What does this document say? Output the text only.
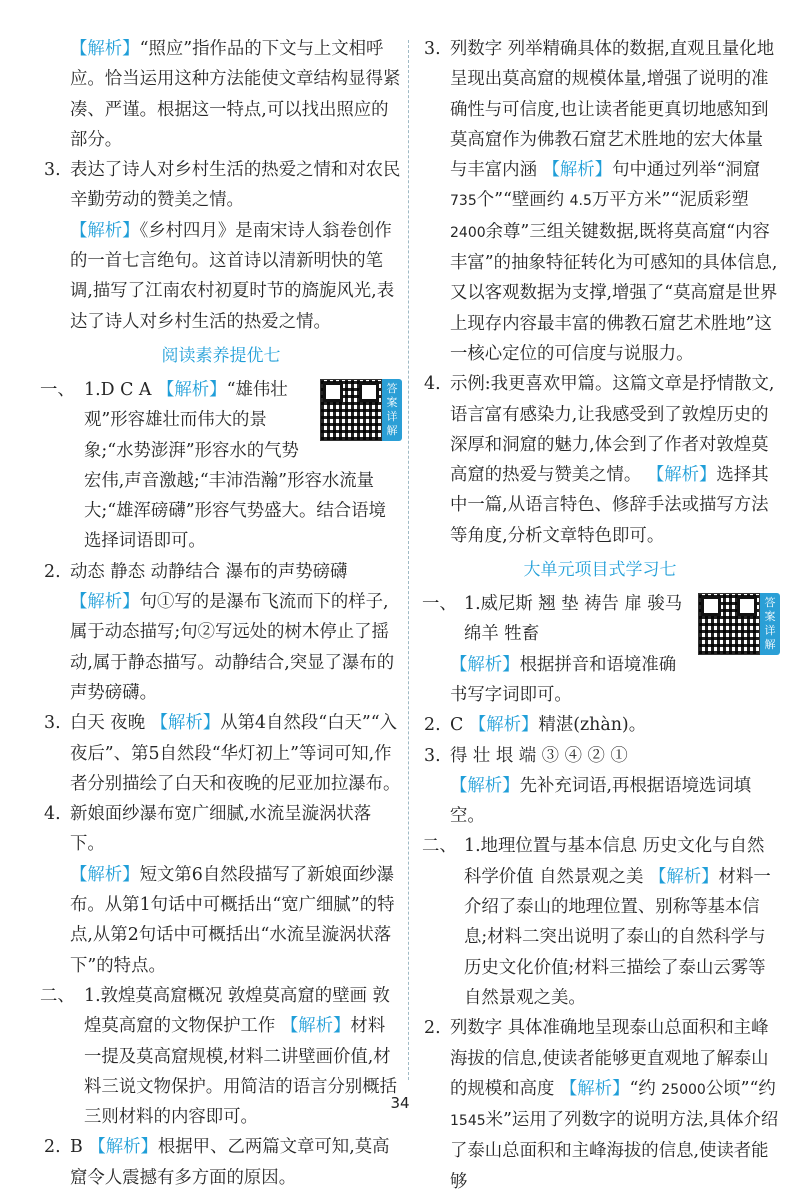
【解析】“照应”指作品的下文与上文相呼应。恰当运用这种方法能使文章结构显得紧凑、严谨。根据这一特点,可以找出照应的部分。

3. 表达了诗人对乡村生活的热爱之情和对农民辛勤劳动的赞美之情。

【解析】《乡村四月》是南宋诗人翁卷创作的一首七言绝句。这首诗以清新明快的笔调,描写了江南农村初夏时节的旖旎风光,表达了诗人对乡村生活的热爱之情。

阅读素养提优七

答案详解
一、 1.D C A 【解析】“雄伟壮观”形容雄壮而伟大的景象;“水势澎湃”形容水的气势宏伟,声音激越;“丰沛浩瀚”形容水流量大;“雄浑磅礴”形容气势盛大。结合语境选择词语即可。

2. 动态 静态 动静结合 瀑布的声势磅礴

【解析】句①写的是瀑布飞流而下的样子,属于动态描写;句②写远处的树木停止了摇动,属于静态描写。动静结合,突显了瀑布的声势磅礴。

3. 白天 夜晚 【解析】从第4自然段“白天”“入夜后”、第5自然段“华灯初上”等词可知,作者分别描绘了白天和夜晚的尼亚加拉瀑布。

4. 新娘面纱瀑布宽广细腻,水流呈漩涡状落下。

【解析】短文第6自然段描写了新娘面纱瀑布。从第1句话中可概括出“宽广细腻”的特点,从第2句话中可概括出“水流呈漩涡状落下”的特点。

二、 1.敦煌莫高窟概况 敦煌莫高窟的壁画 敦煌莫高窟的文物保护工作 【解析】材料一提及莫高窟规模,材料二讲壁画价值,材料三说文物保护。用简洁的语言分别概括三则材料的内容即可。

2. B 【解析】根据甲、乙两篇文章可知,莫高窟令人震撼有多方面的原因。

3. 列数字 列举精确具体的数据,直观且量化地呈现出莫高窟的规模体量,增强了说明的准确性与可信度,也让读者能更真切地感知到莫高窟作为佛教石窟艺术胜地的宏大体量与丰富内涵 【解析】句中通过列举“洞窟 735个”“壁画约 4.5万平方米”“泥质彩塑 2400余尊”三组关键数据,既将莫高窟“内容丰富”的抽象特征转化为可感知的具体信息,又以客观数据为支撑,增强了“莫高窟是世界上现存内容最丰富的佛教石窟艺术胜地”这一核心定位的可信度与说服力。

4. 示例:我更喜欢甲篇。这篇文章是抒情散文,语言富有感染力,让我感受到了敦煌历史的深厚和洞窟的魅力,体会到了作者对敦煌莫高窟的热爱与赞美之情。 【解析】选择其中一篇,从语言特色、修辞手法或描写方法等角度,分析文章特色即可。

大单元项目式学习七

答案详解
一、 1.威尼斯 翘 垫 祷告 扉 骏马 绵羊 牲畜

【解析】根据拼音和语境准确书写字词即可。

2. C 【解析】精湛(zhàn)。

3. 得 壮 垠 端 ③ ④ ② ①

【解析】先补充词语,再根据语境选词填空。

二、 1.地理位置与基本信息 历史文化与自然科学价值 自然景观之美 【解析】材料一介绍了泰山的地理位置、别称等基本信息;材料二突出说明了泰山的自然科学与历史文化价值;材料三描绘了泰山云雾等自然景观之美。

2. 列数字 具体准确地呈现泰山总面积和主峰海拔的信息,使读者能够更直观地了解泰山的规模和高度 【解析】“约 25000公顷”“约 1545米”运用了列数字的说明方法,具体介绍了泰山总面积和主峰海拔的信息,使读者能够

34
